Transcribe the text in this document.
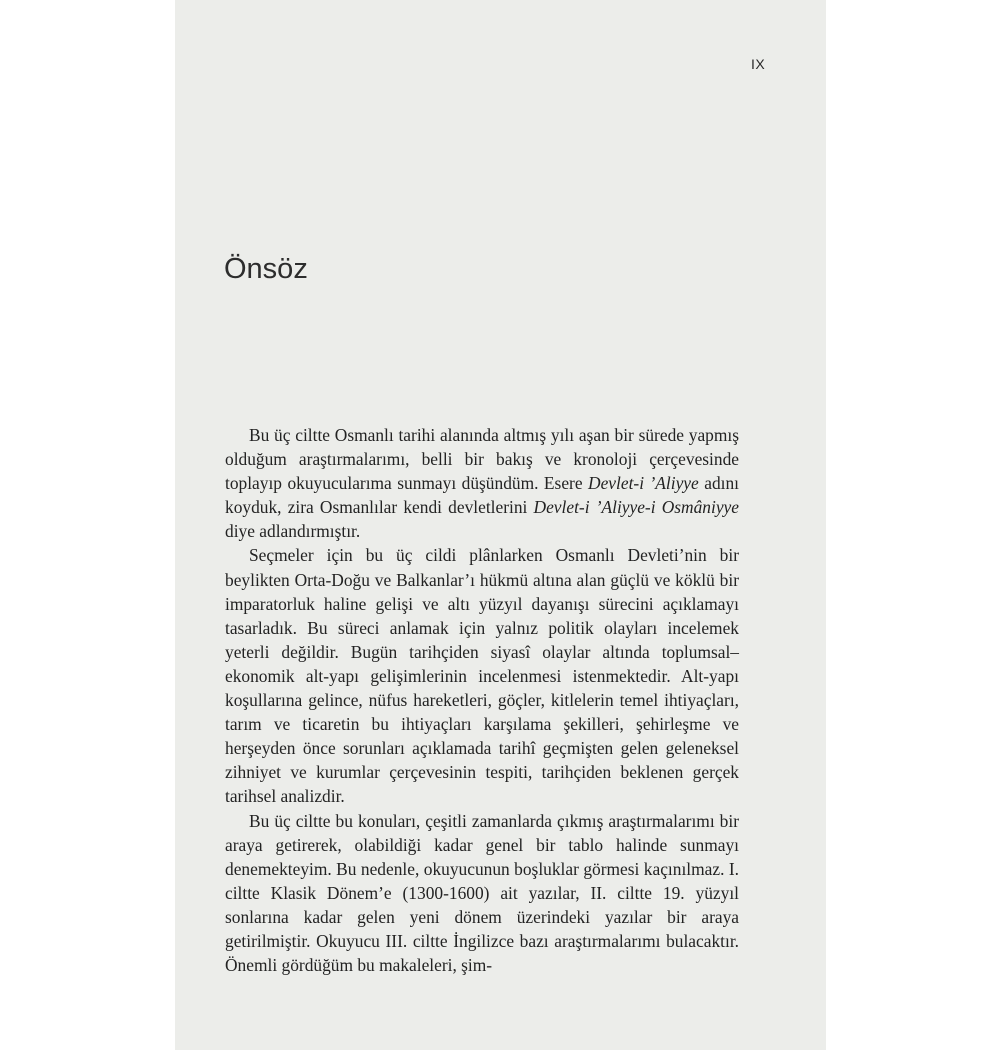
IX
Önsöz

Bu üç ciltte Osmanlı tarihi alanında altmış yılı aşan bir sürede yapmış olduğum araştırmalarımı, belli bir bakış ve kronoloji çerçevesinde toplayıp okuyucularıma sunmayı düşündüm. Esere Devlet-i ’Aliyye adını koyduk, zira Osmanlılar kendi devletlerini Devlet-i ’Aliyye-i Osmâniyye diye adlandırmıştır.

Seçmeler için bu üç cildi plânlarken Osmanlı Devleti’nin bir beylikten Orta-Doğu ve Balkanlar’ı hükmü altına alan güçlü ve köklü bir imparatorluk haline gelişi ve altı yüzyıl dayanışı sürecini açıklamayı tasarladık. Bu süreci anlamak için yalnız politik olayları incelemek yeterli değildir. Bugün tarihçiden siyasî olaylar altında toplumsal–ekonomik alt-yapı gelişimlerinin incelenmesi istenmektedir. Alt-yapı koşullarına gelince, nüfus hareketleri, göçler, kitlelerin temel ihtiyaçları, tarım ve ticaretin bu ihtiyaçları karşılama şekilleri, şehirleşme ve herşeyden önce sorunları açıklamada tarihî geçmişten gelen geleneksel zihniyet ve kurumlar çerçevesinin tespiti, tarihçiden beklenen gerçek tarihsel analizdir.

Bu üç ciltte bu konuları, çeşitli zamanlarda çıkmış araştırmalarımı bir araya getirerek, olabildiği kadar genel bir tablo halinde sunmayı denemekteyim. Bu nedenle, okuyucunun boşluklar görmesi kaçınılmaz. I. ciltte Klasik Dönem’e (1300-1600) ait yazılar, II. ciltte 19. yüzyıl sonlarına kadar gelen yeni dönem üzerindeki yazılar bir araya getirilmiştir. Okuyucu III. ciltte İngilizce bazı araştırmalarımı bulacaktır. Önemli gördüğüm bu makaleleri, şim-
